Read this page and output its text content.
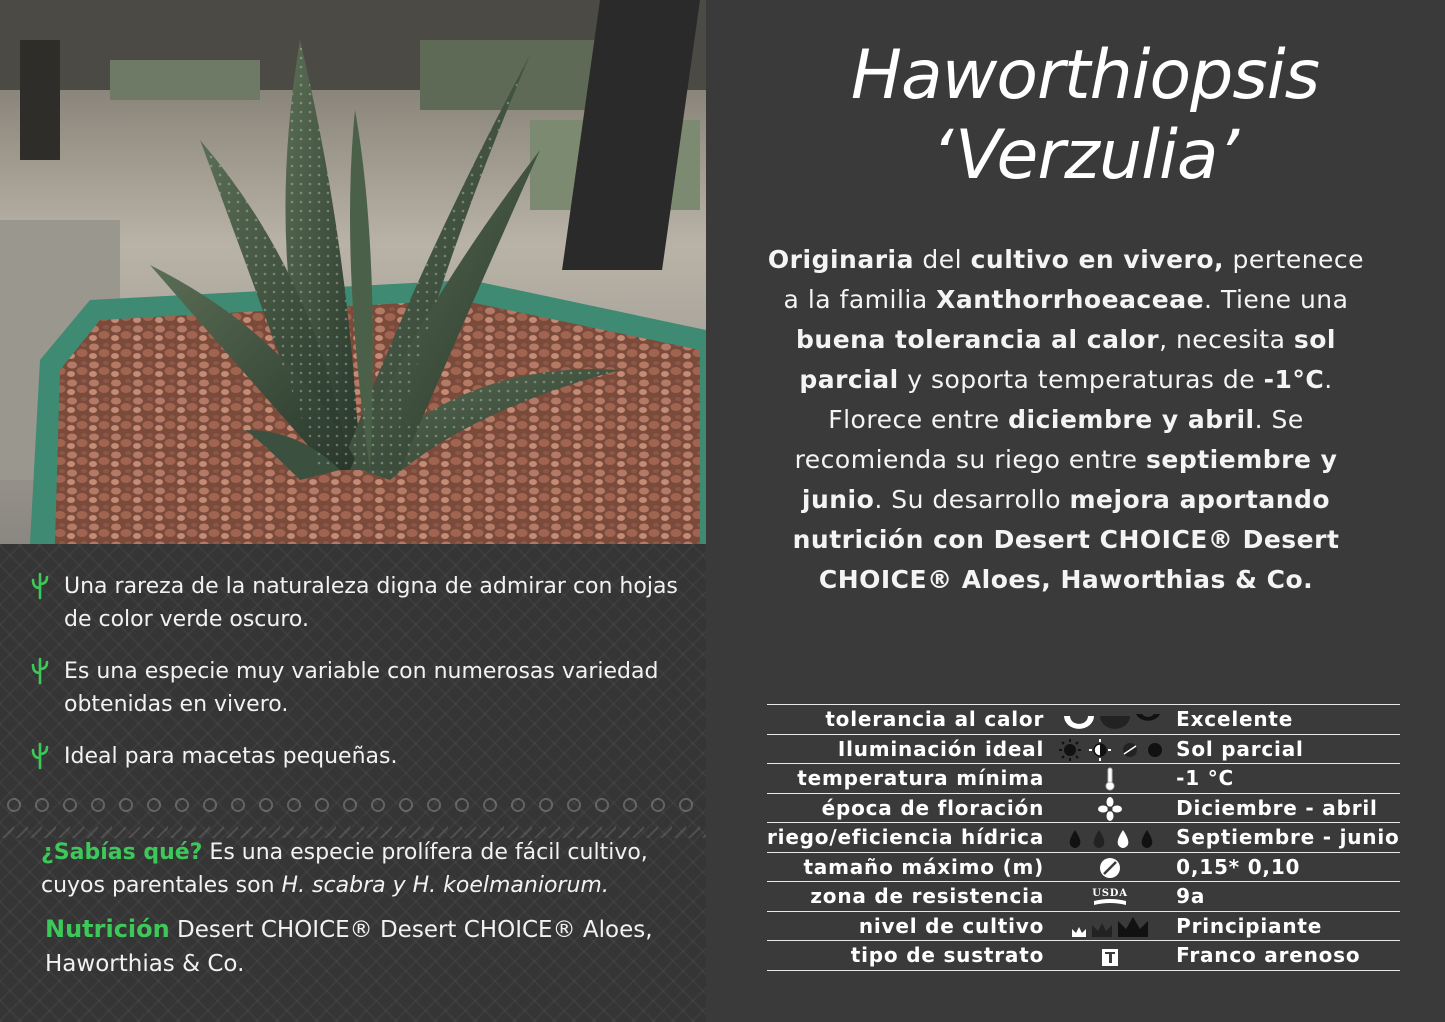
Una rareza de la naturaleza digna de admirar con hojas de color verde oscuro.
Es una especie muy variable con numerosas variedad obtenidas en vivero.
Ideal para macetas pequeñas.
¿Sabías qué? Es una especie prolífera de fácil cultivo, cuyos parentales son H. scabra y H. koelmaniorum.
Nutrición Desert CHOICE® Desert CHOICE® Aloes, Haworthias & Co.
Haworthiopsis
‘Verzulia’

Originaria del cultivo en vivero, pertenece a la familia Xanthorrhoeaceae. Tiene una buena tolerancia al calor, necesita sol parcial y soporta temperaturas de -1°C. Florece entre diciembre y abril. Se recomienda su riego entre septiembre y junio. Su desarrollo mejora aportando nutrición con Desert CHOICE® Desert CHOICE® Aloes, Haworthias & Co.

tolerancia al calor		Excelente
Iluminación ideal		Sol parcial
temperatura mínima		-1 °C
época de floración		Diciembre - abril
riego/eficiencia hídrica		Septiembre - junio
tamaño máximo (m)		0,15* 0,10
zona de resistencia	USDA	9a
nivel de cultivo		Principiante
tipo de sustrato		Franco arenoso
